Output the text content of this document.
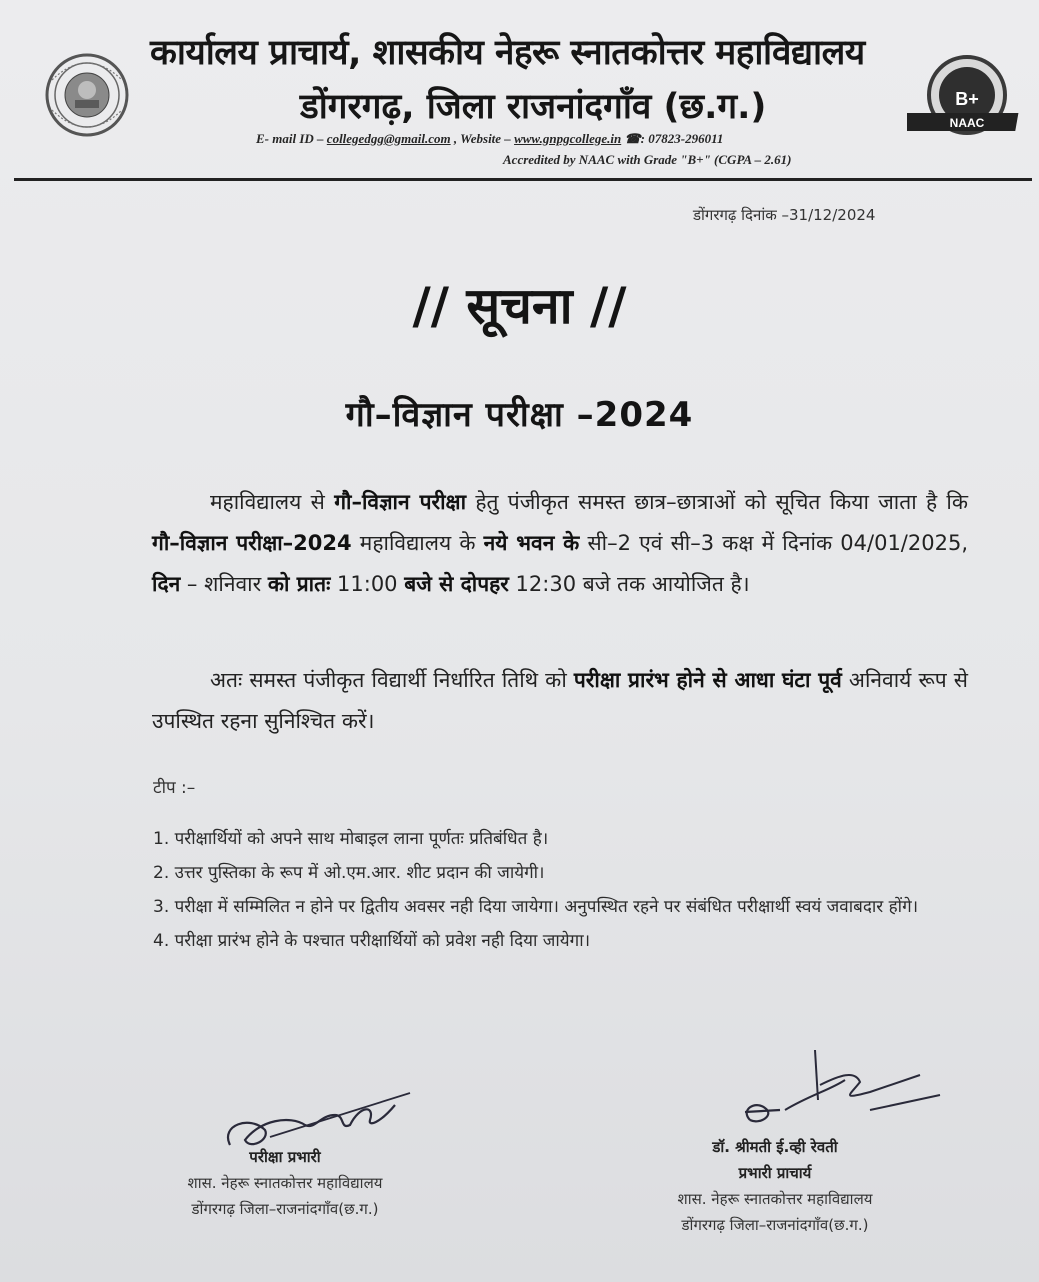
कार्यालय प्राचार्य, शासकीय नेहरू स्नातकोत्तर महाविद्यालय
डोंगरगढ़, जिला राजनांदगाँव (छ.ग.)
E- mail ID – collegedgg@gmail.com , Website – www.gnpgcollege.in ☎: 07823-296011
Accredited by NAAC with Grade "B+" (CGPA – 2.61)
B+
NAAC
डोंगरगढ़ दिनांक –31/12/2024
// सूचना //
गौ–विज्ञान परीक्षा –2024
महाविद्यालय से गौ–विज्ञान परीक्षा हेतु पंजीकृत समस्त छात्र–छात्राओं को सूचित किया जाता है कि गौ–विज्ञान परीक्षा–2024 महाविद्यालय के नये भवन के सी–2 एवं सी–3 कक्ष में दिनांक 04/01/2025, दिन – शनिवार को प्रातः 11:00 बजे से दोपहर 12:30 बजे तक आयोजित है।
अतः समस्त पंजीकृत विद्यार्थी निर्धारित तिथि को परीक्षा प्रारंभ होने से आधा घंटा पूर्व अनिवार्य रूप से उपस्थित रहना सुनिश्चित करें।
टीप :–
1. परीक्षार्थियों को अपने साथ मोबाइल लाना पूर्णतः प्रतिबंधित है।
2. उत्तर पुस्तिका के रूप में ओ.एम.आर. शीट प्रदान की जायेगी।
3. परीक्षा में सम्मिलित न होने पर द्वितीय अवसर नही दिया जायेगा। अनुपस्थित रहने पर संबंधित परीक्षार्थी स्वयं जवाबदार होंगे।
4. परीक्षा प्रारंभ होने के पश्चात परीक्षार्थियों को प्रवेश नही दिया जायेगा।
परीक्षा प्रभारी
शास. नेहरू स्नातकोत्तर महाविद्यालय
डोंगरगढ़ जिला–राजनांदगाँव(छ.ग.)
डॉ. श्रीमती ई.व्ही रेवती
प्रभारी प्राचार्य
शास. नेहरू स्नातकोत्तर महाविद्यालय
डोंगरगढ़ जिला–राजनांदगाँव(छ.ग.)
